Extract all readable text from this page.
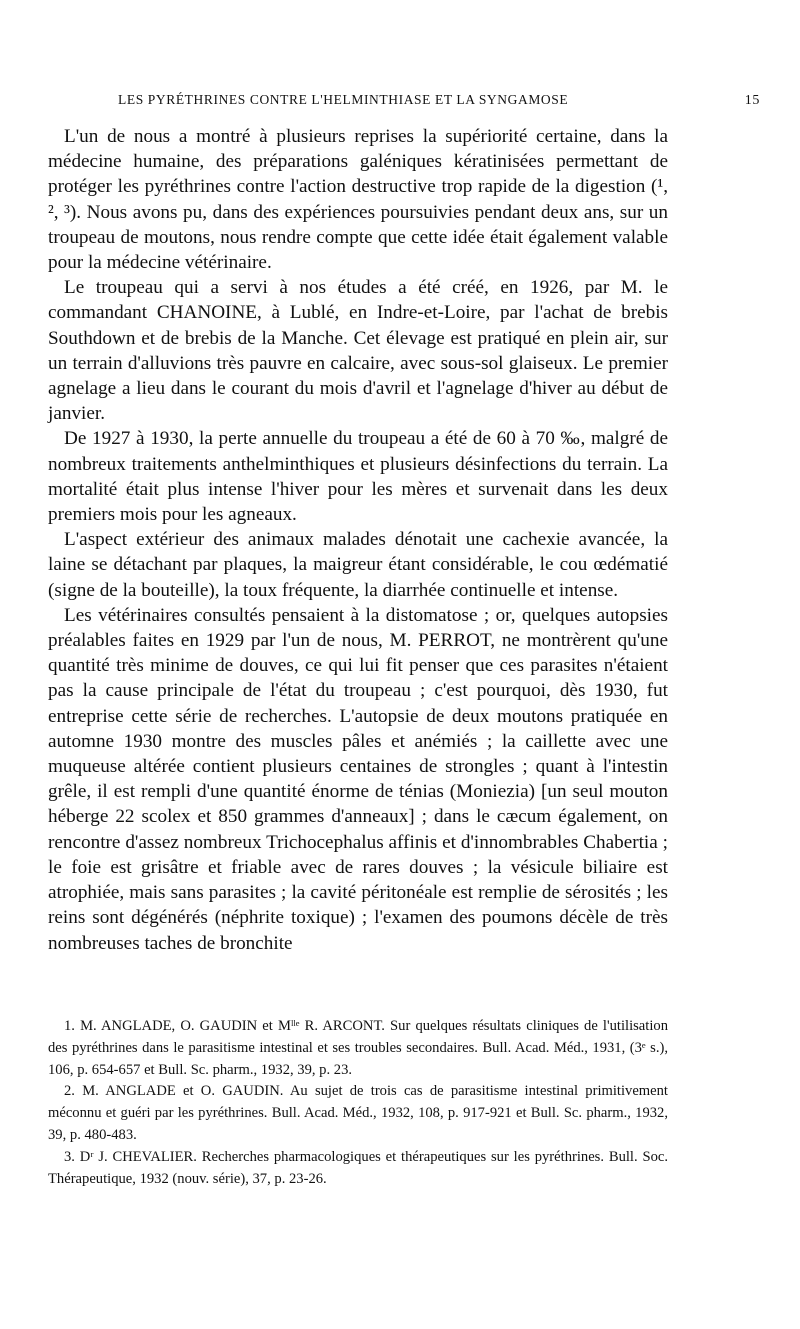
LES PYRÉTHRINES CONTRE L'HELMINTHIASE ET LA SYNGAMOSE	15

L'un de nous a montré à plusieurs reprises la supériorité certaine, dans la médecine humaine, des préparations galéniques kératinisées permettant de protéger les pyréthrines contre l'action destructive trop rapide de la digestion (¹, ², ³). Nous avons pu, dans des expériences poursuivies pendant deux ans, sur un troupeau de moutons, nous rendre compte que cette idée était également valable pour la médecine vétérinaire.

Le troupeau qui a servi à nos études a été créé, en 1926, par M. le commandant CHANOINE, à Lublé, en Indre-et-Loire, par l'achat de brebis Southdown et de brebis de la Manche. Cet élevage est pratiqué en plein air, sur un terrain d'alluvions très pauvre en calcaire, avec sous-sol glaiseux. Le premier agnelage a lieu dans le courant du mois d'avril et l'agnelage d'hiver au début de janvier.

De 1927 à 1930, la perte annuelle du troupeau a été de 60 à 70 ‰, malgré de nombreux traitements anthelminthiques et plusieurs désinfections du terrain. La mortalité était plus intense l'hiver pour les mères et survenait dans les deux premiers mois pour les agneaux.

L'aspect extérieur des animaux malades dénotait une cachexie avancée, la laine se détachant par plaques, la maigreur étant considérable, le cou œdématié (signe de la bouteille), la toux fréquente, la diarrhée continuelle et intense.

Les vétérinaires consultés pensaient à la distomatose ; or, quelques autopsies préalables faites en 1929 par l'un de nous, M. PERROT, ne montrèrent qu'une quantité très minime de douves, ce qui lui fit penser que ces parasites n'étaient pas la cause principale de l'état du troupeau ; c'est pourquoi, dès 1930, fut entreprise cette série de recherches. L'autopsie de deux moutons pratiquée en automne 1930 montre des muscles pâles et anémiés ; la caillette avec une muqueuse altérée contient plusieurs centaines de strongles ; quant à l'intestin grêle, il est rempli d'une quantité énorme de ténias (Moniezia) [un seul mouton héberge 22 scolex et 850 grammes d'anneaux] ; dans le cæcum également, on rencontre d'assez nombreux Trichocephalus affinis et d'innombrables Chabertia ; le foie est grisâtre et friable avec de rares douves ; la vésicule biliaire est atrophiée, mais sans parasites ; la cavité péritonéale est remplie de sérosités ; les reins sont dégénérés (néphrite toxique) ; l'examen des poumons décèle de très nombreuses taches de bronchite

1. M. ANGLADE, O. GAUDIN et Mˡˡᵉ R. ARCONT. Sur quelques résultats cliniques de l'utilisation des pyréthrines dans le parasitisme intestinal et ses troubles secondaires. Bull. Acad. Méd., 1931, (3ᵉ s.), 106, p. 654-657 et Bull. Sc. pharm., 1932, 39, p. 23.

2. M. ANGLADE et O. GAUDIN. Au sujet de trois cas de parasitisme intestinal primitivement méconnu et guéri par les pyréthrines. Bull. Acad. Méd., 1932, 108, p. 917-921 et Bull. Sc. pharm., 1932, 39, p. 480-483.

3. Dʳ J. CHEVALIER. Recherches pharmacologiques et thérapeutiques sur les pyréthrines. Bull. Soc. Thérapeutique, 1932 (nouv. série), 37, p. 23-26.
